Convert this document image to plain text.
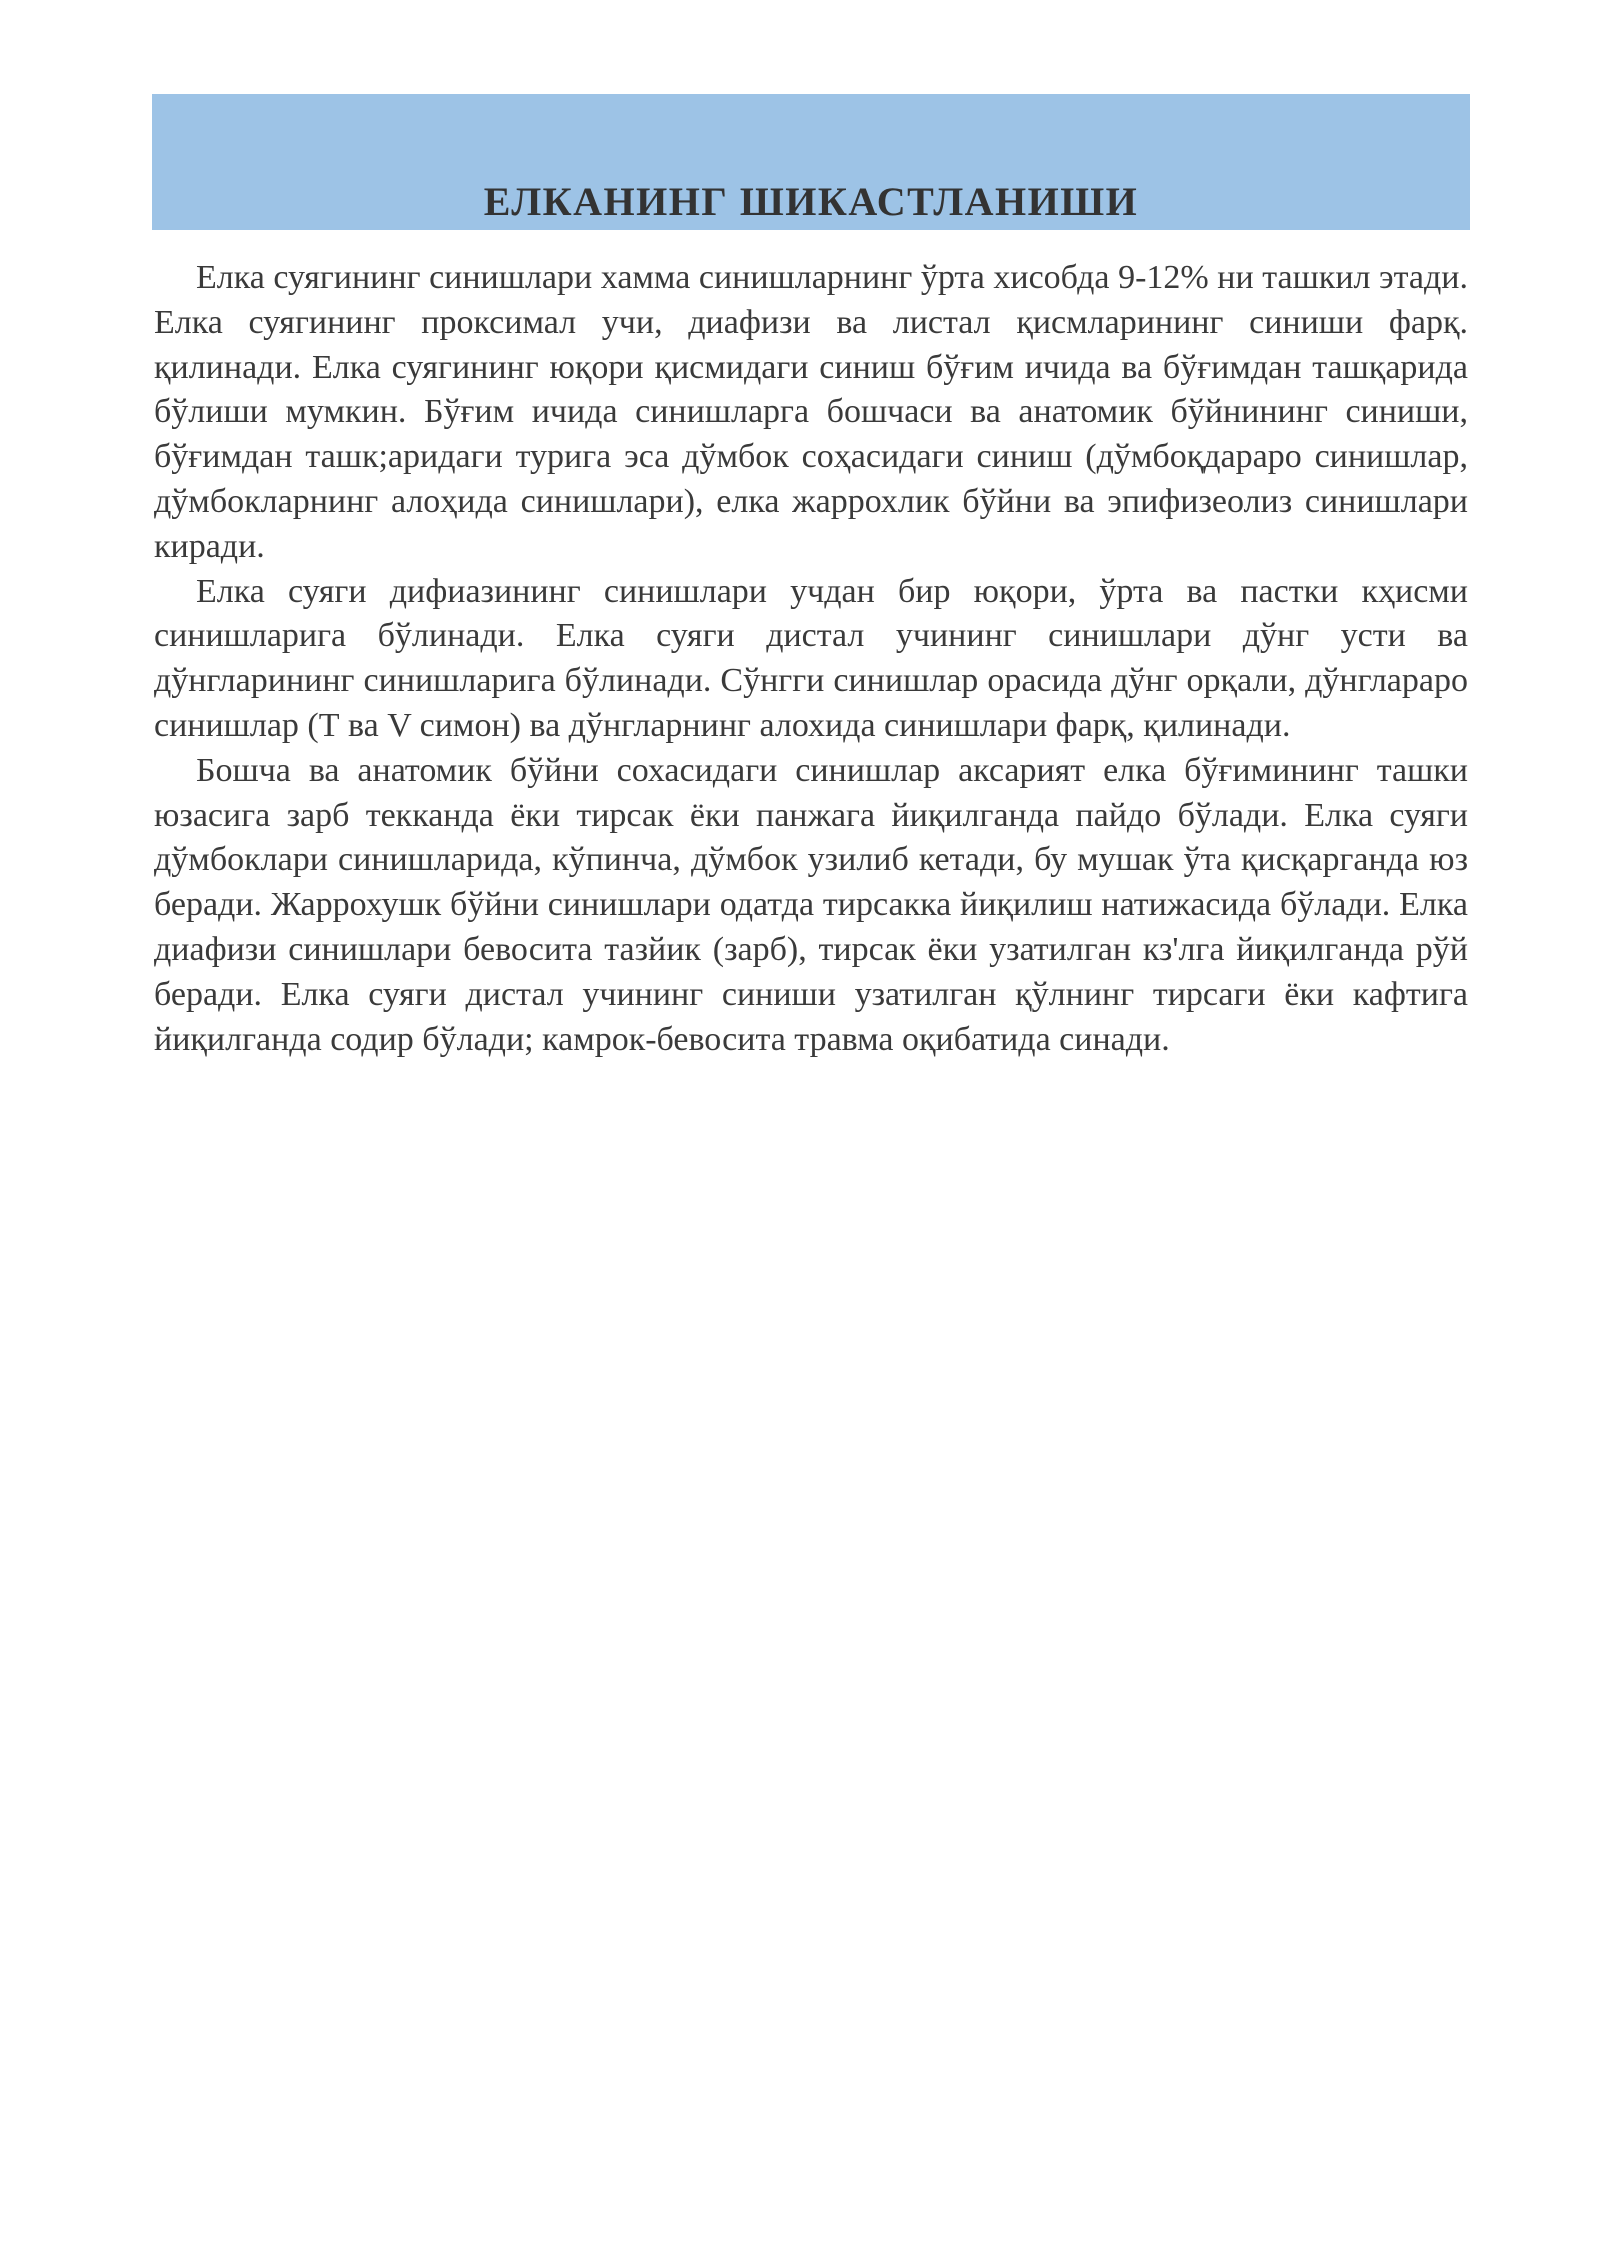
ЕЛКАНИНГ ШИКАСТЛАНИШИ

Елка суягининг синишлари хамма синишларнинг ўрта хисобда 9-12% ни ташкил этади. Елка суягининг проксимал учи, диафизи ва листал қисмларининг синиши фарқ. қилинади. Елка суягининг юқори қисмидаги синиш бўғим ичида ва бўғимдан ташқарида бўлиши мумкин. Бўғим ичида синишларга бошчаси ва анатомик бўйнининг синиши, бўғимдан ташк;аридаги турига эса дўмбок соҳасидаги синиш (дўмбоқдараро синишлар, дўмбокларнинг алоҳида синишлари), елка жаррохлик бўйни ва эпифизеолиз синишлари киради.

Елка суяги дифиазининг синишлари учдан бир юқори, ўрта ва пастки кҳисми синишларига бўлинади. Елка суяги дистал учининг синишлари дўнг усти ва дўнгларининг синишларига бўлинади. Сўнгги синишлар орасида дўнг орқали, дўнглараро синишлар (Т ва V симон) ва дўнгларнинг алохида синишлари фарқ, қилинади.

Бошча ва анатомик бўйни сохасидаги синишлар аксарият елка бўғимининг ташки юзасига зарб текканда ёки тирсак ёки панжага йиқилганда пайдо бўлади. Елка суяги дўмбоклари синишларида, кўпинча, дўмбок узилиб кетади, бу мушак ўта қисқарганда юз беради. Жаррохушк бўйни синишлари одатда тирсакка йиқилиш натижасида бўлади. Елка диафизи синишлари бевосита тазйик (зарб), тирсак ёки узатилган кз'лга йиқилганда рўй беради. Елка суяги дистал учининг синиши узатилган қўлнинг тирсаги ёки кафтига йиқилганда содир бўлади; камрок-бевосита травма оқибатида синади.
